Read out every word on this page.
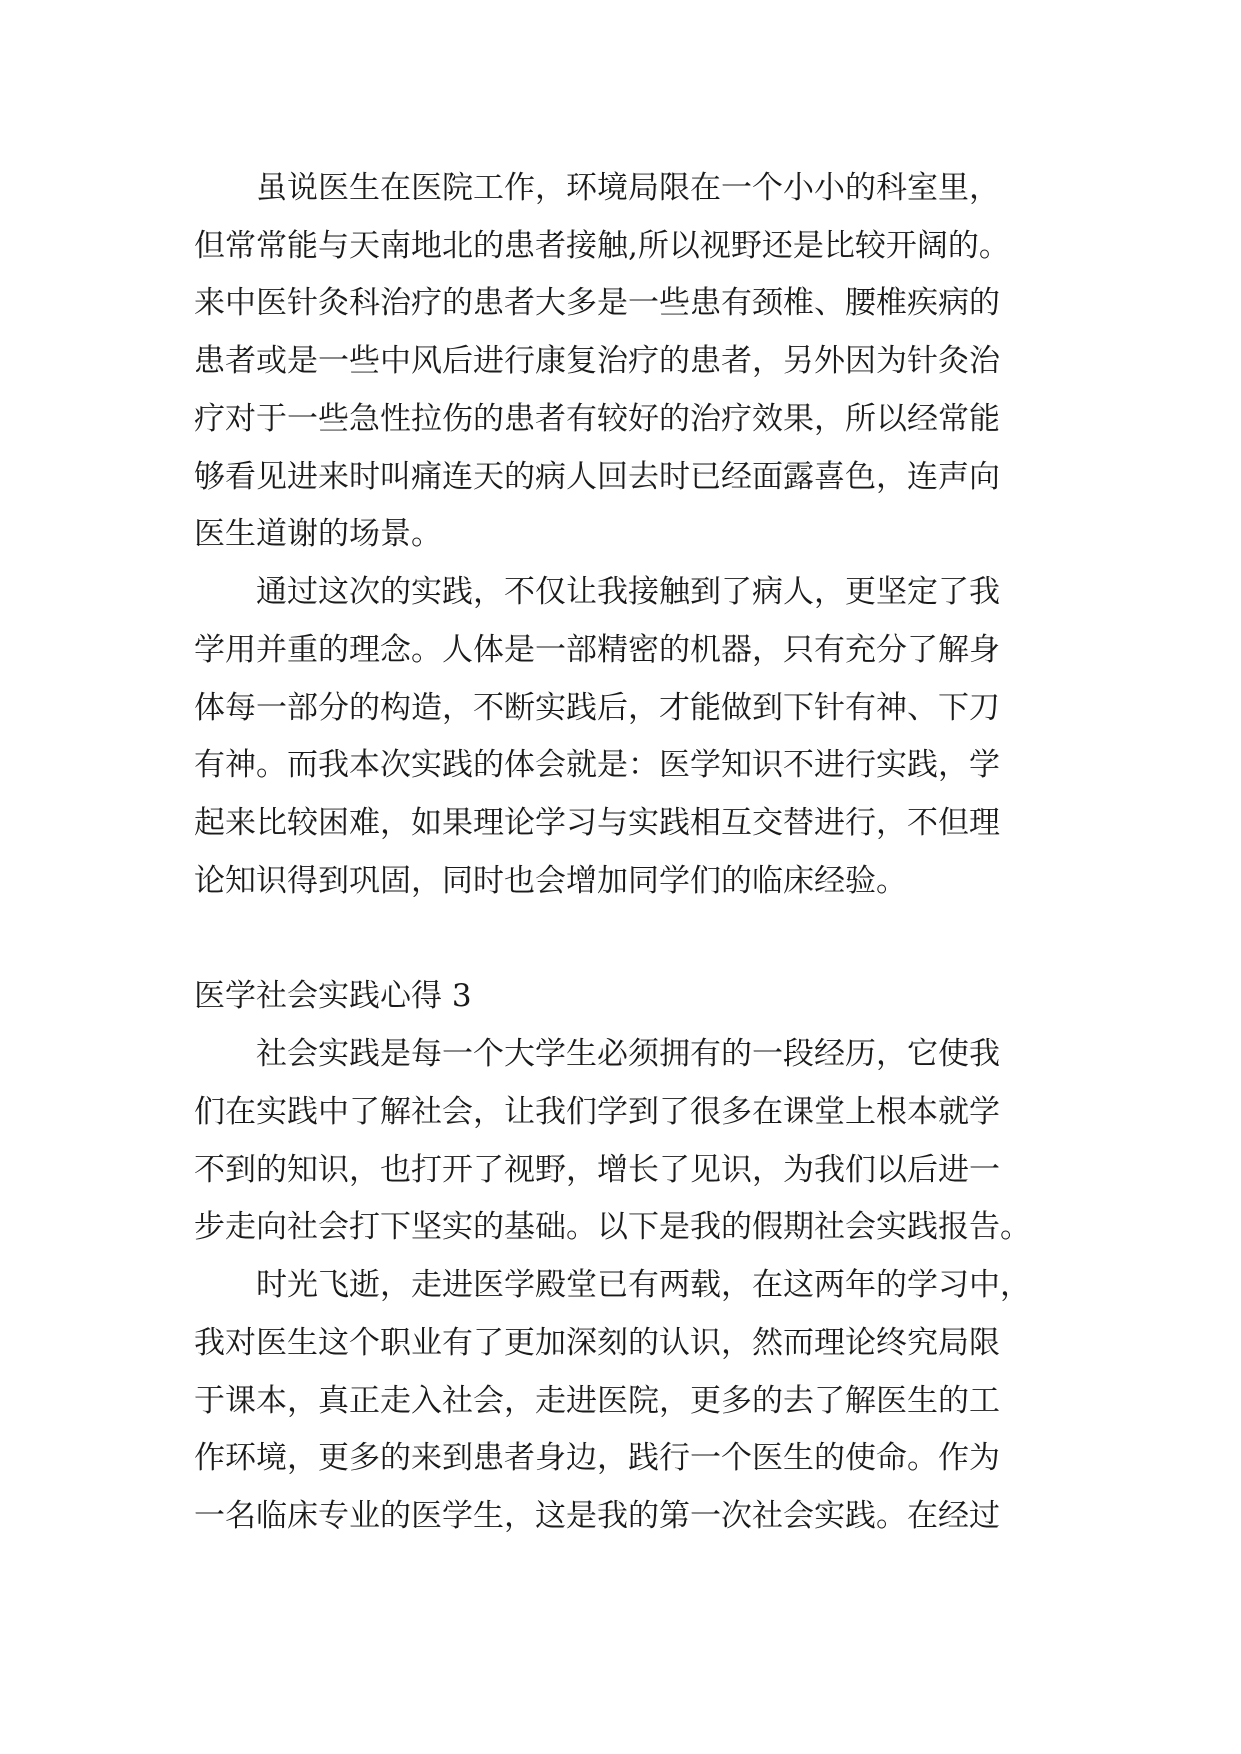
虽说医生在医院工作，环境局限在一个小小的科室里，
但常常能与天南地北的患者接触,所以视野还是比较开阔的。
来中医针灸科治疗的患者大多是一些患有颈椎、腰椎疾病的
患者或是一些中风后进行康复治疗的患者，另外因为针灸治
疗对于一些急性拉伤的患者有较好的治疗效果，所以经常能
够看见进来时叫痛连天的病人回去时已经面露喜色，连声向
医生道谢的场景。
通过这次的实践，不仅让我接触到了病人，更坚定了我
学用并重的理念。人体是一部精密的机器，只有充分了解身
体每一部分的构造，不断实践后，才能做到下针有神、下刀
有神。而我本次实践的体会就是：医学知识不进行实践，学
起来比较困难，如果理论学习与实践相互交替进行，不但理
论知识得到巩固，同时也会增加同学们的临床经验。
医学社会实践心得 3
社会实践是每一个大学生必须拥有的一段经历，它使我
们在实践中了解社会，让我们学到了很多在课堂上根本就学
不到的知识，也打开了视野，增长了见识，为我们以后进一
步走向社会打下坚实的基础。以下是我的假期社会实践报告。
时光飞逝，走进医学殿堂已有两载，在这两年的学习中，
我对医生这个职业有了更加深刻的认识，然而理论终究局限
于课本，真正走入社会，走进医院，更多的去了解医生的工
作环境，更多的来到患者身边，践行一个医生的使命。作为
一名临床专业的医学生，这是我的第一次社会实践。在经过
